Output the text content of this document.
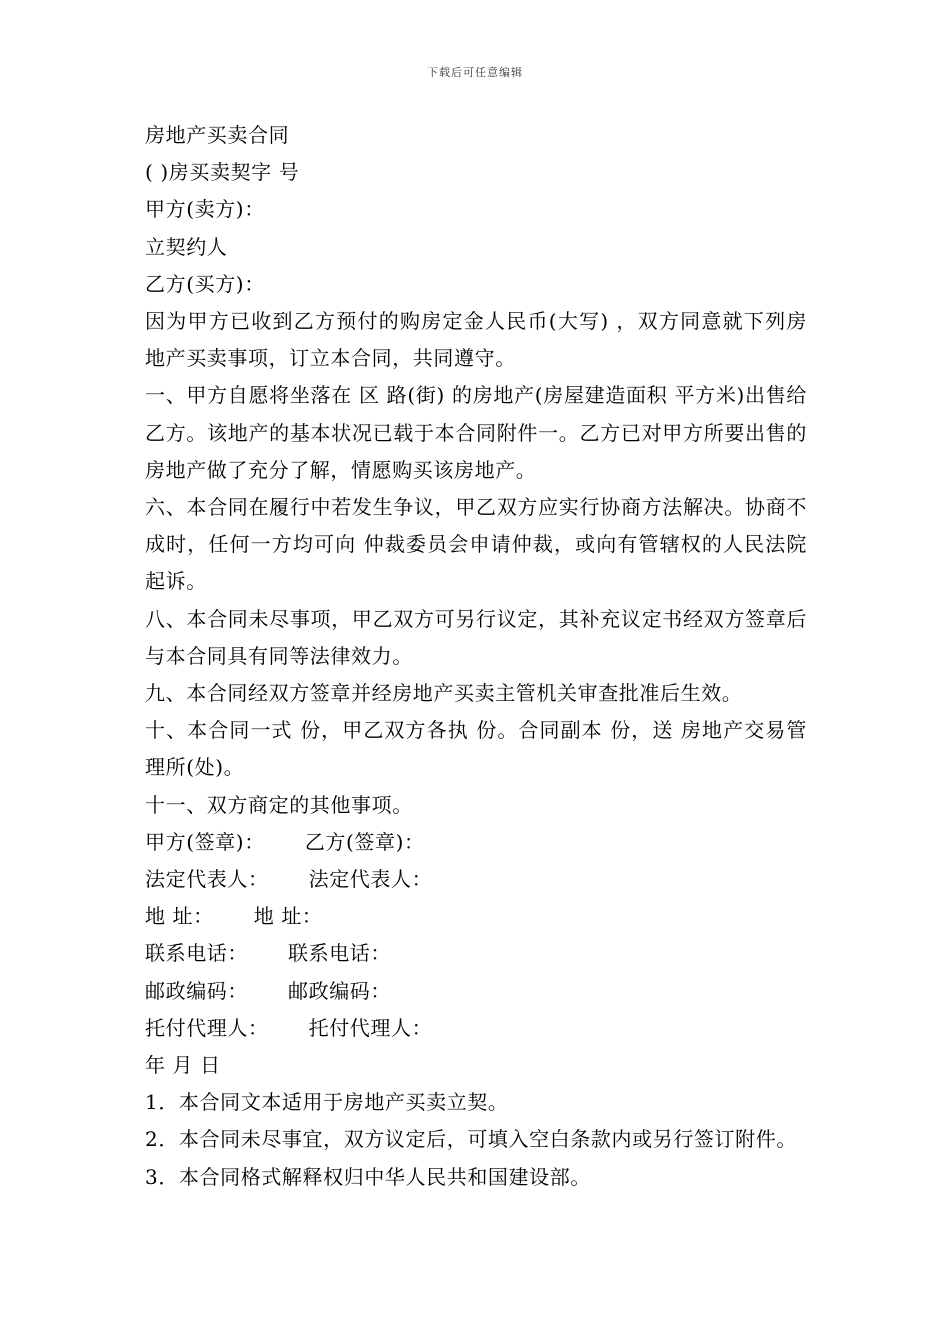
下载后可任意编辑

房地产买卖合同

( )房买卖契字 号

甲方(卖方)：

立契约人

乙方(买方)：

因为甲方已收到乙方预付的购房定金人民币(大写) ，双方同意就下列房地产买卖事项，订立本合同，共同遵守。

一、甲方自愿将坐落在 区 路(街) 的房地产(房屋建造面积 平方米)出售给乙方。该地产的基本状况已载于本合同附件一。乙方已对甲方所要出售的房地产做了充分了解，情愿购买该房地产。

六、本合同在履行中若发生争议，甲乙双方应实行协商方法解决。协商不成时，任何一方均可向 仲裁委员会申请仲裁，或向有管辖权的人民法院起诉。

八、本合同未尽事项，甲乙双方可另行议定，其补充议定书经双方签章后与本合同具有同等法律效力。

九、本合同经双方签章并经房地产买卖主管机关审查批准后生效。

十、本合同一式 份，甲乙双方各执 份。合同副本 份，送 房地产交易管理所(处)。

十一、双方商定的其他事项。

甲方(签章)： 乙方(签章)：

法定代表人： 法定代表人：

地 址： 地 址：

联系电话： 联系电话：

邮政编码： 邮政编码：

托付代理人： 托付代理人：

年 月 日

1．本合同文本适用于房地产买卖立契。

2．本合同未尽事宜，双方议定后，可填入空白条款内或另行签订附件。

3．本合同格式解释权归中华人民共和国建设部。
